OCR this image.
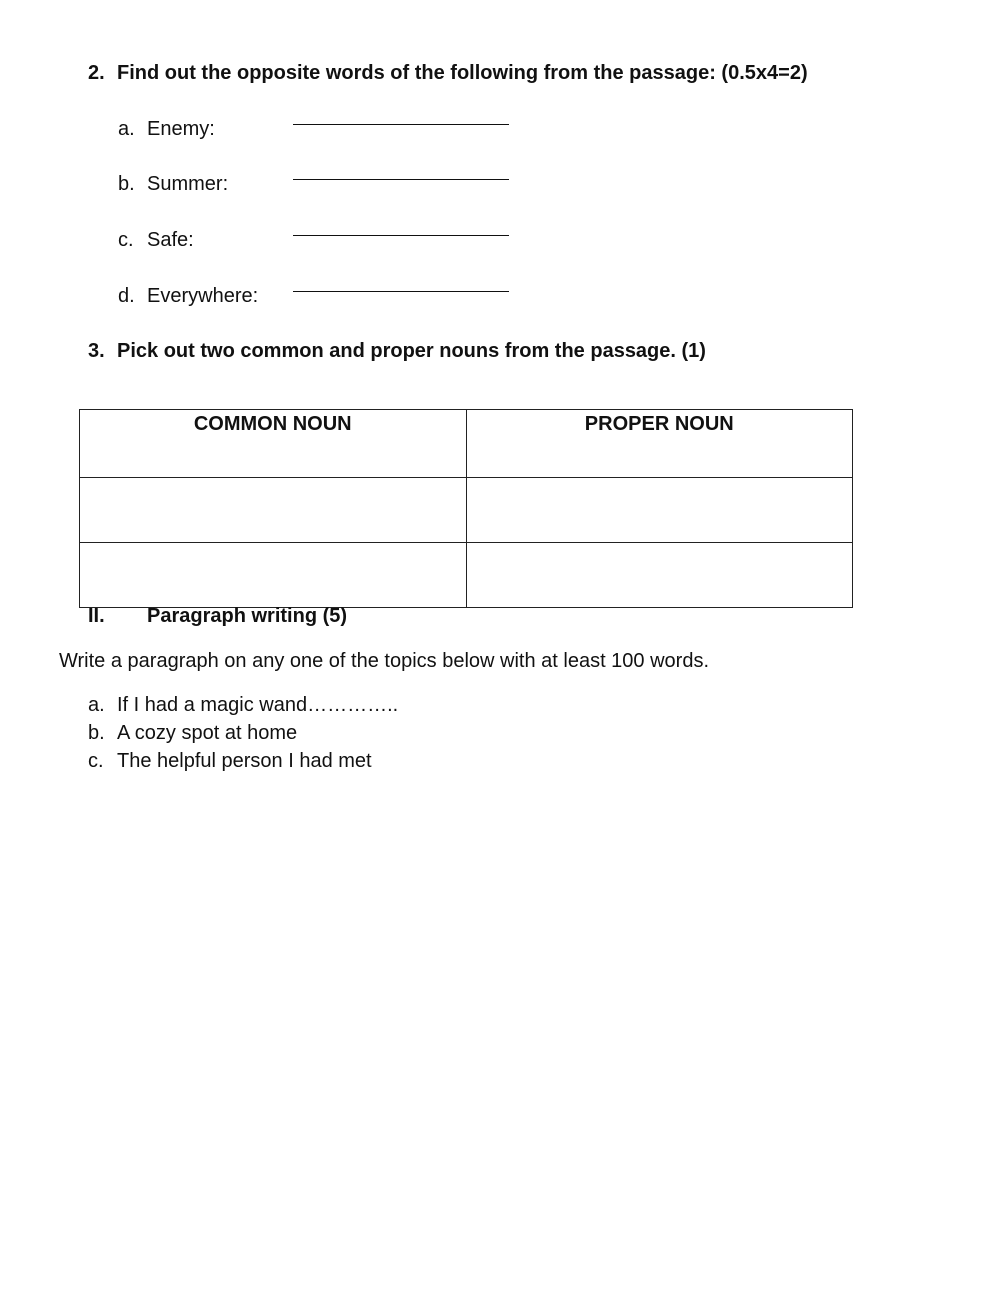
2. Find out the opposite words of the following from the passage: (0.5x4=2)
a. Enemy:
b. Summer:
c. Safe:
d. Everywhere:
3. Pick out two common and proper nouns from the passage. (1)
COMMON NOUN	PROPER NOUN

II. Paragraph writing (5)
Write a paragraph on any one of the topics below with at least 100 words.
a. If I had a magic wand…………..
b. A cozy spot at home
c. The helpful person I had met
